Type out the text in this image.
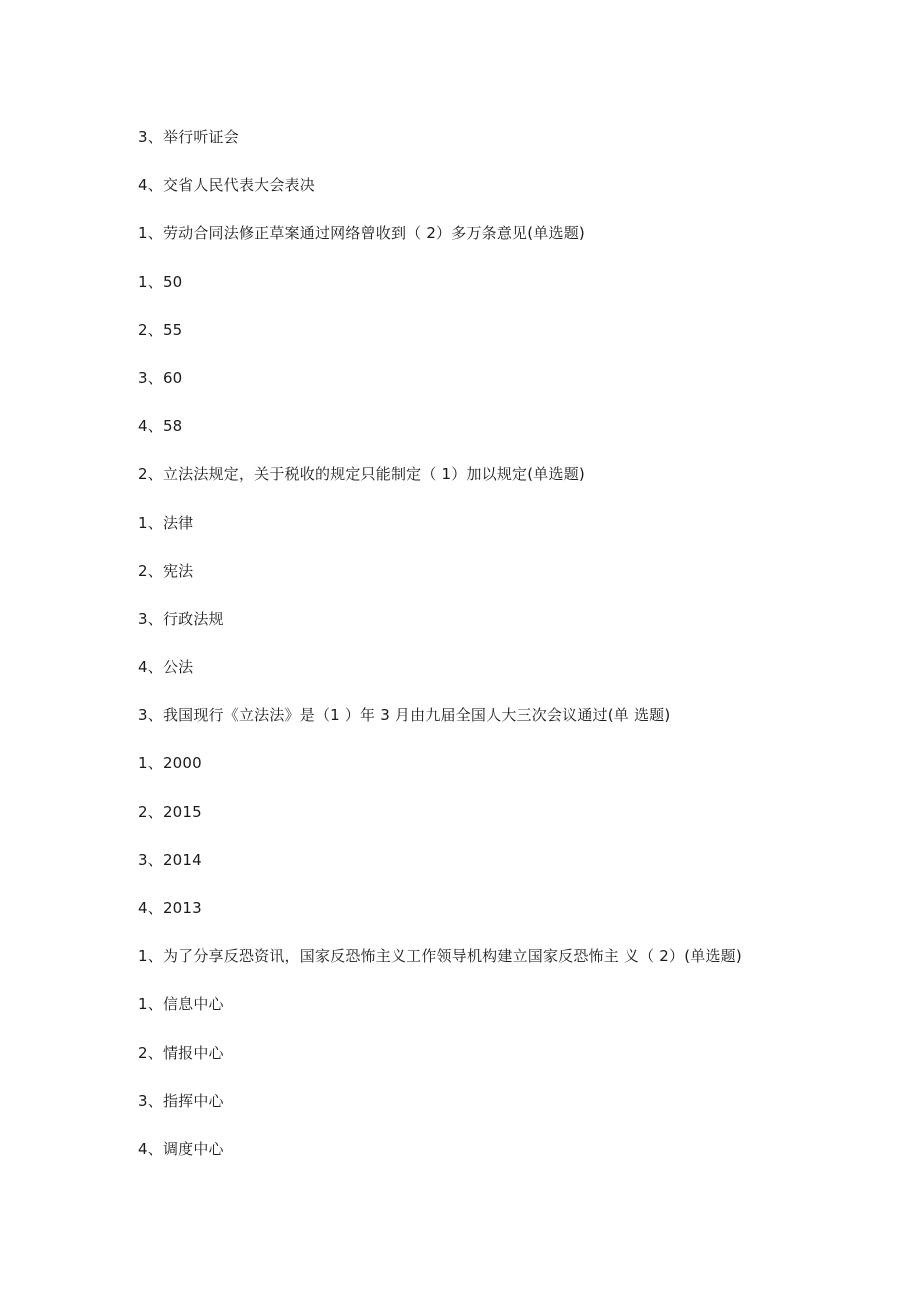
3、举行听证会
4、交省人民代表大会表决
1、劳动合同法修正草案通过网络曾收到（ 2）多万条意见(单选题)
1、50
2、55
3、60
4、58
2、立法法规定，关于税收的规定只能制定（ 1）加以规定(单选题)
1、法律
2、宪法
3、行政法规
4、公法
3、我国现行《立法法》是（1 ）年 3 月由九届全国人大三次会议通过(单 选题)
1、2000
2、2015
3、2014
4、2013
1、为了分享反恐资讯，国家反恐怖主义工作领导机构建立国家反恐怖主 义（ 2）(单选题)
1、信息中心
2、情报中心
3、指挥中心
4、调度中心
